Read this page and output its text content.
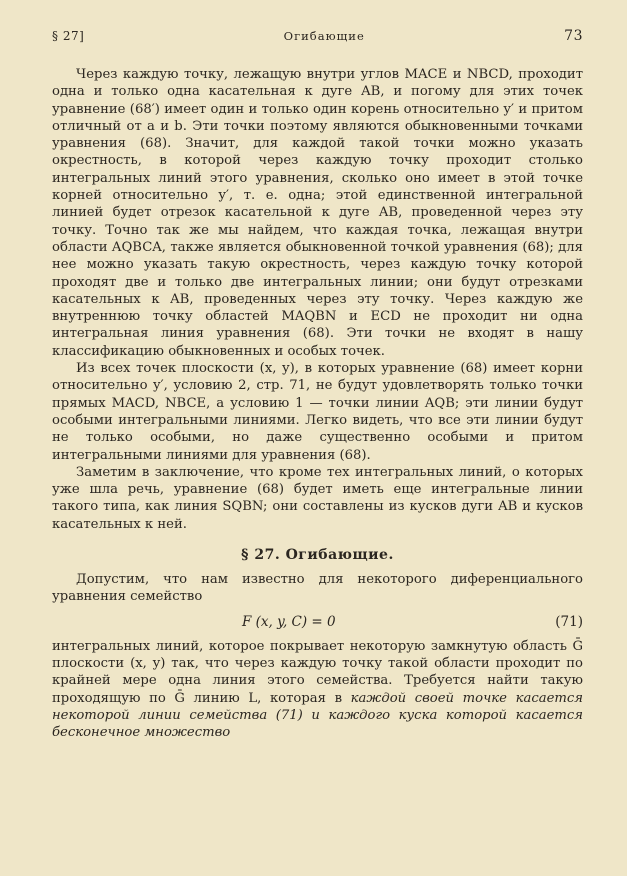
§ 27]	Огибающие	73

Через каждую точку, лежащую внутри углов MACE и NBCD, проходит одна и только одна касательная к дуге AB, и погому для этих точек уравнение (68′) имеет один и только один корень относительно y′ и притом отличный от a и b. Эти точки поэтому являются обыкновенными точками уравнения (68). Значит, для каждой такой точки можно указать окрестность, в которой через каждую точку проходит столько интегральных линий этого уравнения, сколько оно имеет в этой точке корней относительно y′, т. е. одна; этой единственной интегральной линией будет отрезок касательной к дуге AB, проведенной через эту точку. Точно так же мы найдем, что каждая точка, лежащая внутри области AQBCA, также является обыкновенной точкой уравнения (68); для нее можно указать такую окрестность, через каждую точку которой проходят две и только две интегральных линии; они будут отрезками касательных к AB, проведенных через эту точку. Через каждую же внутреннюю точку областей MAQBN и ECD не проходит ни одна интегральная линия уравнения (68). Эти точки не входят в нашу классификацию обыкновенных и особых точек.

Из всех точек плоскости (x, y), в которых уравнение (68) имеет корни относительно y′, условию 2, стр. 71, не будут удовлетворять только точки прямых MACD, NBCE, а условию 1 — точки линии AQB; эти линии будут особыми интегральными линиями. Легко видеть, что все эти линии будут не только особыми, но даже существенно особыми и притом интегральными линиями для уравнения (68).

Заметим в заключение, что кроме тех интегральных линий, о которых уже шла речь, уравнение (68) будет иметь еще интегральные линии такого типа, как линия SQBN; они составлены из кусков дуги AB и кусков касательных к ней.

§ 27. Огибающие.

Допустим, что нам известно для некоторого диференциального уравнения семейство

F (x, y, C) = 0	(71)

интегральных линий, которое покрывает некоторую замкнутую область Ḡ плоскости (x, y) так, что через каждую точку такой области проходит по крайней мере одна линия этого семейства. Требуется найти такую проходящую по Ḡ линию L, которая в каждой своей точке касается некоторой линии семейства (71) и каждого куска которой касается бесконечное множество
